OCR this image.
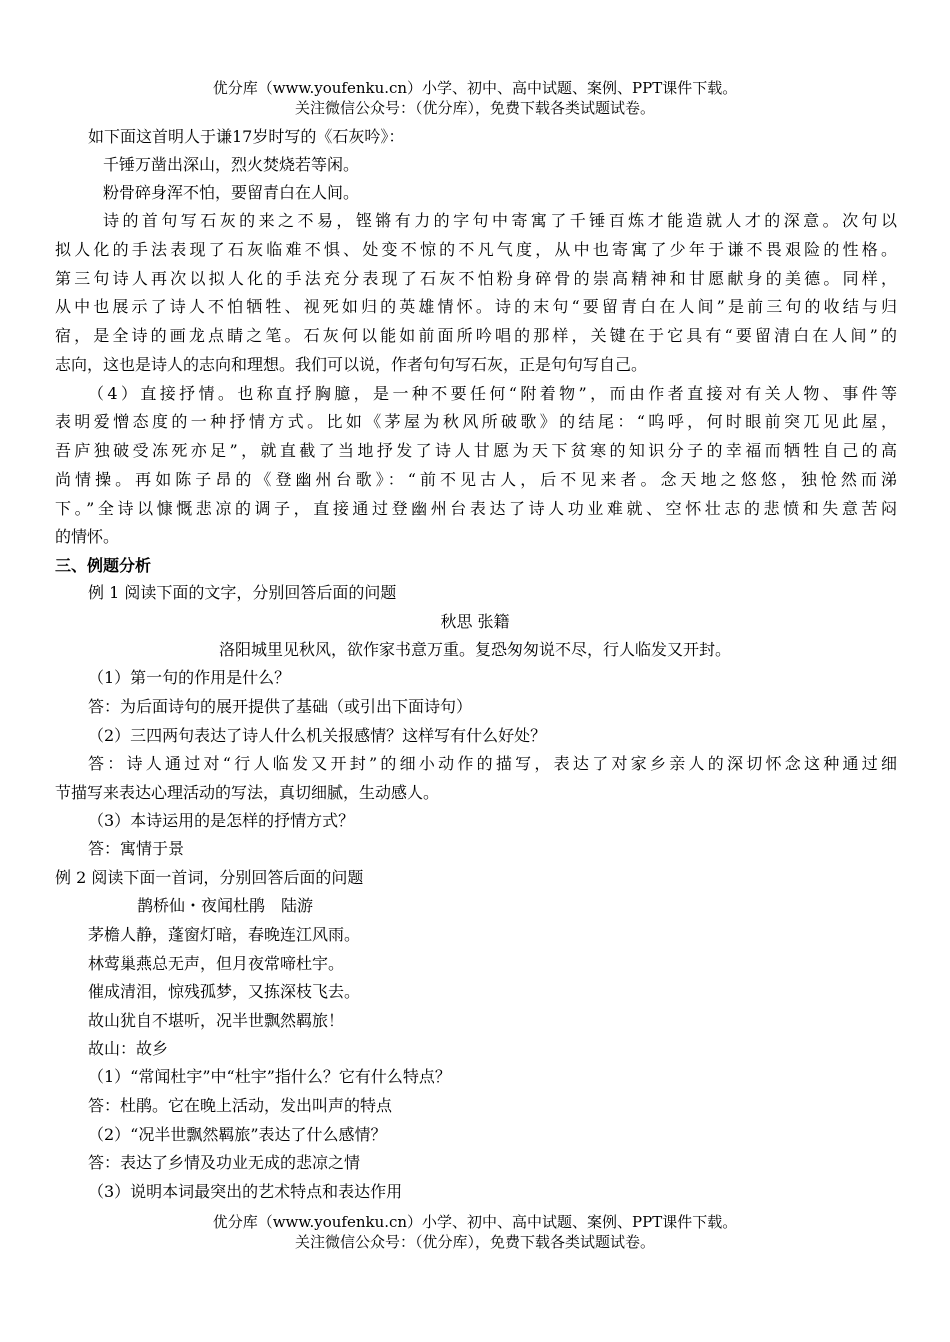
优分库（www.youfenku.cn）小学、初中、高中试题、案例、PPT课件下载。
关注微信公众号：（优分库），免费下载各类试题试卷。
如下面这首明人于谦17岁时写的《石灰吟》：
千锤万凿出深山，烈火焚烧若等闲。
粉骨碎身浑不怕，要留青白在人间。
诗的首句写石灰的来之不易，铿锵有力的字句中寄寓了千锤百炼才能造就人才的深意。次句以
拟人化的手法表现了石灰临难不惧、处变不惊的不凡气度，从中也寄寓了少年于谦不畏艰险的性格。
第三句诗人再次以拟人化的手法充分表现了石灰不怕粉身碎骨的崇高精神和甘愿献身的美德。同样，
从中也展示了诗人不怕牺牲、视死如归的英雄情怀。诗的末句“要留青白在人间”是前三句的收结与归
宿，是全诗的画龙点睛之笔。石灰何以能如前面所吟唱的那样，关键在于它具有“要留清白在人间”的
志向，这也是诗人的志向和理想。我们可以说，作者句句写石灰，正是句句写自己。
（4）直接抒情。也称直抒胸臆，是一种不要任何“附着物”，而由作者直接对有关人物、事件等
表明爱憎态度的一种抒情方式。比如《茅屋为秋风所破歌》的结尾：“呜呼，何时眼前突兀见此屋，
吾庐独破受冻死亦足”，就直截了当地抒发了诗人甘愿为天下贫寒的知识分子的幸福而牺牲自己的高
尚情操。再如陈子昂的《登幽州台歌》：“前不见古人，后不见来者。念天地之悠悠，独怆然而涕
下。”全诗以慷慨悲凉的调子，直接通过登幽州台表达了诗人功业难就、空怀壮志的悲愤和失意苦闷
的情怀。
三、例题分析
例 1 阅读下面的文字，分别回答后面的问题
秋思 张籍
洛阳城里见秋风，欲作家书意万重。复恐匆匆说不尽，行人临发又开封。
（1）第一句的作用是什么？
答：为后面诗句的展开提供了基础（或引出下面诗句）
（2）三四两句表达了诗人什么机关报感情？这样写有什么好处？
答：诗人通过对“行人临发又开封”的细小动作的描写，表达了对家乡亲人的深切怀念这种通过细
节描写来表达心理活动的写法，真切细腻，生动感人。
（3）本诗运用的是怎样的抒情方式？
答：寓情于景
例 2 阅读下面一首词，分别回答后面的问题
鹊桥仙・夜闻杜鹃　陆游
茅檐人静，蓬窗灯暗，春晚连江风雨。
林莺巢燕总无声，但月夜常啼杜宇。
催成清泪，惊残孤梦，又拣深枝飞去。
故山犹自不堪听，况半世飘然羁旅！
故山：故乡
（1）“常闻杜宇”中“杜宇”指什么？它有什么特点？
答：杜鹃。它在晚上活动，发出叫声的特点
（2）“况半世飘然羁旅”表达了什么感情？
答：表达了乡情及功业无成的悲凉之情
（3）说明本词最突出的艺术特点和表达作用
优分库（www.youfenku.cn）小学、初中、高中试题、案例、PPT课件下载。
关注微信公众号：（优分库），免费下载各类试题试卷。
